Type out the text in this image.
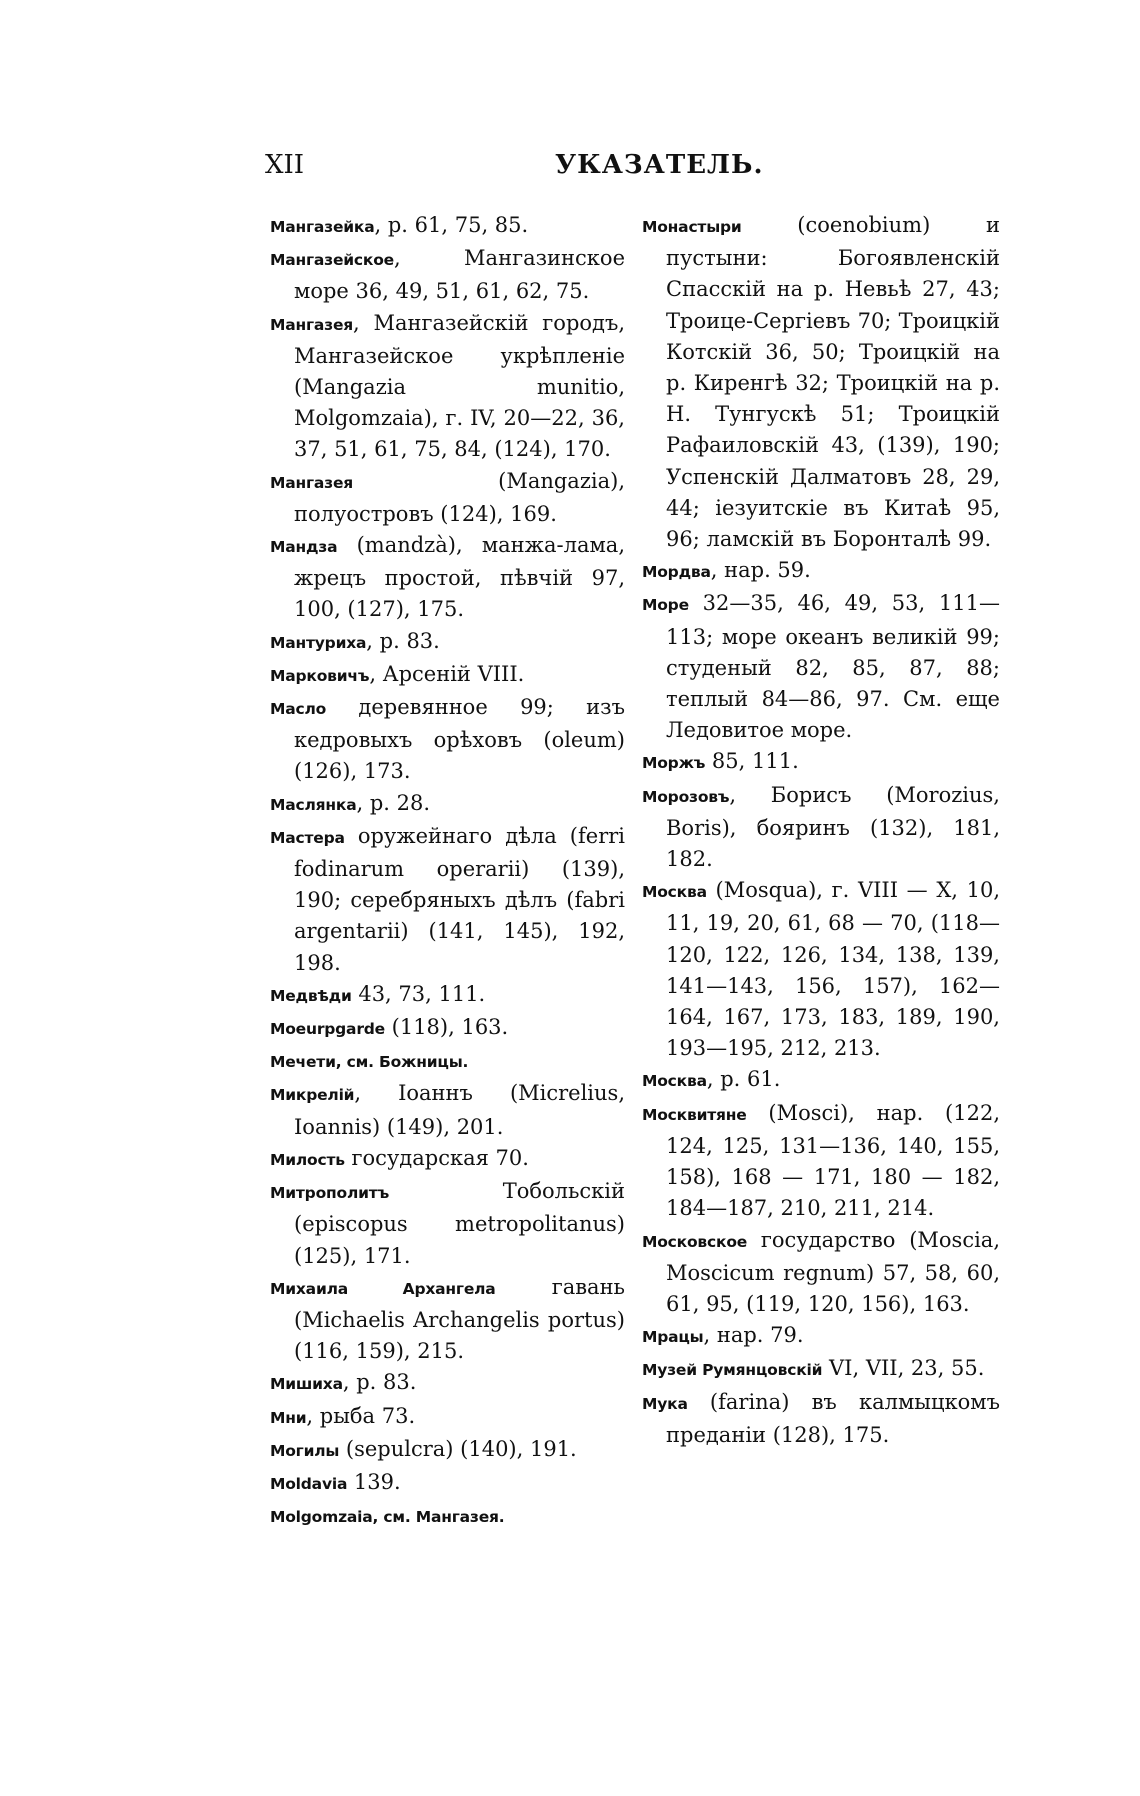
XII	УКАЗАТЕЛЬ.

Мангазейка, р. 61, 75, 85.

Мангазейское, Мангазинское море 36, 49, 51, 61, 62, 75.

Мангазея, Мангазейскій городъ, Мангазейское укрѣпленіе (Mangazia munitio, Molgomzaia), г. IV, 20—22, 36, 37, 51, 61, 75, 84, (124), 170.

Мангазея (Mangazia), полуостровъ (124), 169.

Мандза (mandzà), манжа-лама, жрецъ простой, пѣвчій 97, 100, (127), 175.

Мантуриха, р. 83.

Марковичъ, Арсеній VIII.

Масло деревянное 99; изъ кедровыхъ орѣховъ (oleum) (126), 173.

Маслянка, р. 28.

Мастера оружейнаго дѣла (ferri fodinarum operarii) (139), 190; серебряныхъ дѣлъ (fabri argentarii) (141, 145), 192, 198.

Медвѣди 43, 73, 111.

Moeurpgarde (118), 163.

Мечети, см. Божницы.

Микрелій, Іоаннъ (Micrelius, Ioannis) (149), 201.

Милость государская 70.

Митрополитъ Тобольскій (episcopus metropolitanus) (125), 171.

Михаила Архангела гавань (Michaelis Archangelis portus) (116, 159), 215.

Мишиха, р. 83.

Мни, рыба 73.

Могилы (sepulcra) (140), 191.

Moldavia 139.

Molgomzaia, см. Мангазея.

Монастыри (coenobium) и пустыни: Богоявленскій Спасскій на р. Невьѣ 27, 43; Троице-Сергіевъ 70; Троицкій Котскій 36, 50; Троицкій на р. Киренгѣ 32; Троицкій на р. Н. Тунгускѣ 51; Троицкій Рафаиловскій 43, (139), 190; Успенскій Далматовъ 28, 29, 44; іезуитскіе въ Китаѣ 95, 96; ламскій въ Боронталѣ 99.

Мордва, нар. 59.

Море 32—35, 46, 49, 53, 111—113; море океанъ великій 99; студеный 82, 85, 87, 88; теплый 84—86, 97. См. еще Ледовитое море.

Моржъ 85, 111.

Морозовъ, Борисъ (Morozius, Boris), бояринъ (132), 181, 182.

Москва (Mosqua), г. VIII — X, 10, 11, 19, 20, 61, 68 — 70, (118—120, 122, 126, 134, 138, 139, 141—143, 156, 157), 162—164, 167, 173, 183, 189, 190, 193—195, 212, 213.

Москва, р. 61.

Москвитяне (Mosci), нар. (122, 124, 125, 131—136, 140, 155, 158), 168 — 171, 180 — 182, 184—187, 210, 211, 214.

Московское государство (Moscia, Moscicum regnum) 57, 58, 60, 61, 95, (119, 120, 156), 163.

Мрацы, нар. 79.

Музей Румянцовскій VI, VII, 23, 55.

Мука (farina) въ калмыцкомъ преданіи (128), 175.
